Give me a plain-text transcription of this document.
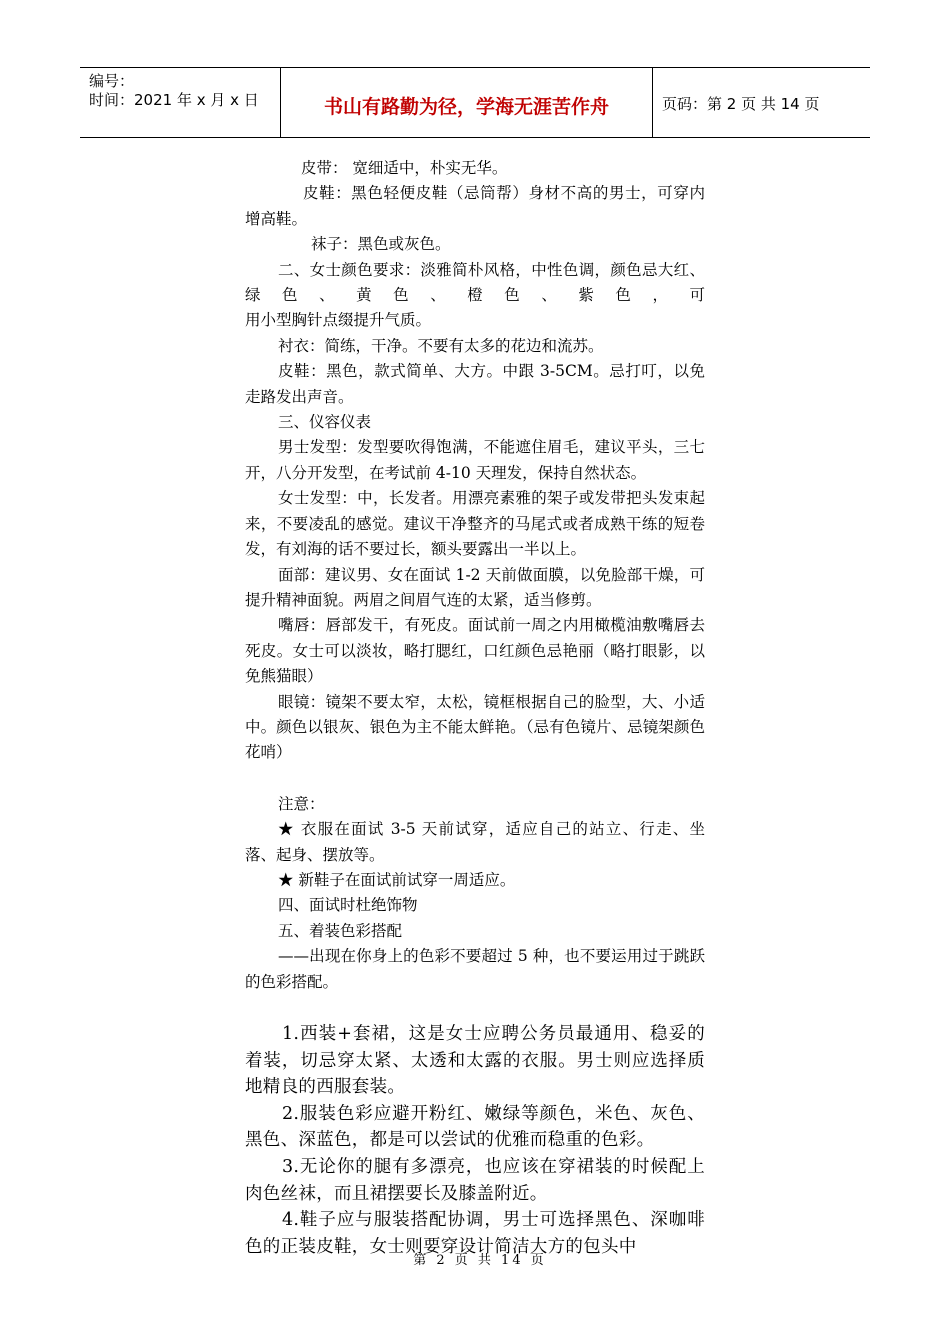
编号：
时间：2021 年 x 月 x 日	书山有路勤为径，学海无涯苦作舟	页码：第 2 页 共 14 页

皮带： 宽细适中，朴实无华。

皮鞋：黑色轻便皮鞋（忌筒帮）身材不高的男士，可穿内增高鞋。

袜子：黑色或灰色。

二、女士颜色要求：淡雅简朴风格，中性色调，颜色忌大红、绿色、黄色、橙色、紫色，可

用小型胸针点缀提升气质。

衬衣：简练，干净。不要有太多的花边和流苏。

皮鞋：黑色，款式简单、大方。中跟 3-5CM。忌打叮，以免走路发出声音。

三、仪容仪表

男士发型：发型要吹得饱满，不能遮住眉毛，建议平头，三七开，八分开发型，在考试前 4-10 天理发，保持自然状态。

女士发型：中，长发者。用漂亮素雅的架子或发带把头发束起来，不要凌乱的感觉。建议干净整齐的马尾式或者成熟干练的短卷发，有刘海的话不要过长，额头要露出一半以上。

面部：建议男、女在面试 1-2 天前做面膜，以免脸部干燥，可提升精神面貌。两眉之间眉气连的太紧，适当修剪。

嘴唇：唇部发干，有死皮。面试前一周之内用橄榄油敷嘴唇去死皮。女士可以淡妆，略打腮红，口红颜色忌艳丽（略打眼影，以免熊猫眼）

眼镜：镜架不要太窄，太松，镜框根据自己的脸型，大、小适中。颜色以银灰、银色为主不能太鲜艳。（忌有色镜片、忌镜架颜色花哨）

注意：

★ 衣服在面试 3-5 天前试穿，适应自己的站立、行走、坐落、起身、摆放等。

★ 新鞋子在面试前试穿一周适应。

四、面试时杜绝饰物

五、着装色彩搭配

——出现在你身上的色彩不要超过 5 种，也不要运用过于跳跃的色彩搭配。

1.西装+套裙，这是女士应聘公务员最通用、稳妥的着装，切忌穿太紧、太透和太露的衣服。男士则应选择质地精良的西服套装。

2.服装色彩应避开粉红、嫩绿等颜色，米色、灰色、黑色、深蓝色，都是可以尝试的优雅而稳重的色彩。

3.无论你的腿有多漂亮，也应该在穿裙装的时候配上肉色丝袜，而且裙摆要长及膝盖附近。

4.鞋子应与服装搭配协调，男士可选择黑色、深咖啡色的正装皮鞋，女士则要穿设计简洁大方的包头中

第 2 页 共 14 页
